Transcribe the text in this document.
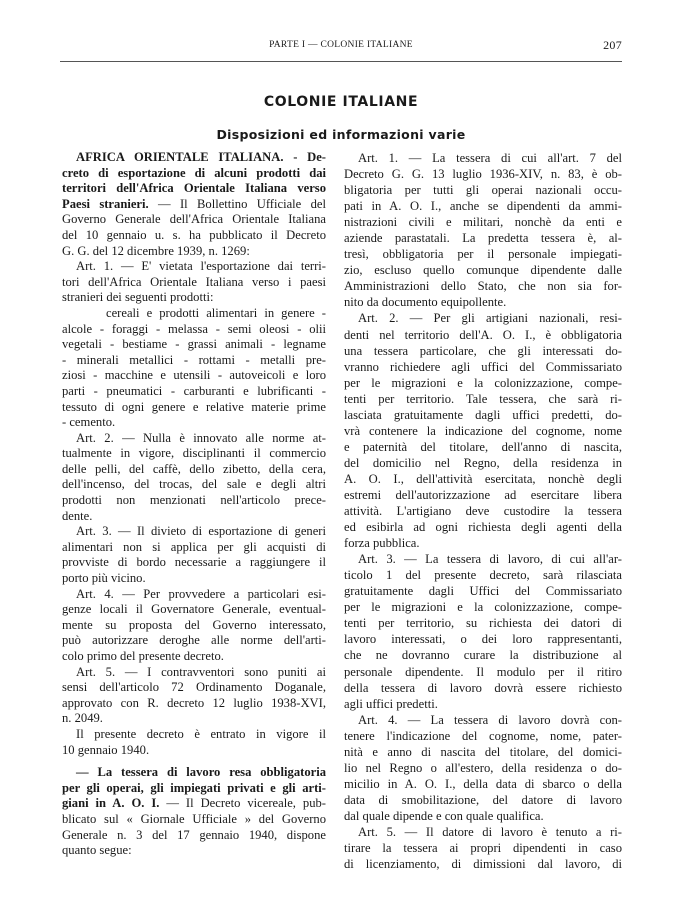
PARTE I — COLONIE ITALIANE	207
COLONIE ITALIANE
Disposizioni ed informazioni varie
AFRICA ORIENTALE ITALIANA. - De-
creto di esportazione di alcuni prodotti dai
territori dell'Africa Orientale Italiana verso
Paesi stranieri. — Il Bollettino Ufficiale del
Governo Generale dell'Africa Orientale Italiana
del 10 gennaio u. s. ha pubblicato il Decreto
G. G. del 12 dicembre 1939, n. 1269:
Art. 1. — E' vietata l'esportazione dai terri-
tori dell'Africa Orientale Italiana verso i paesi
stranieri dei seguenti prodotti:
cereali e prodotti alimentari in genere -
alcole - foraggi - melassa - semi oleosi - olii
vegetali - bestiame - grassi animali - legname
- minerali metallici - rottami - metalli pre-
ziosi - macchine e utensili - autoveicoli e loro
parti - pneumatici - carburanti e lubrificanti -
tessuto di ogni genere e relative materie prime
- cemento.
Art. 2. — Nulla è innovato alle norme at-
tualmente in vigore, disciplinanti il commercio
delle pelli, del caffè, dello zibetto, della cera,
dell'incenso, del trocas, del sale e degli altri
prodotti non menzionati nell'articolo prece-
dente.
Art. 3. — Il divieto di esportazione di generi
alimentari non si applica per gli acquisti di
provviste di bordo necessarie a raggiungere il
porto più vicino.
Art. 4. — Per provvedere a particolari esi-
genze locali il Governatore Generale, eventual-
mente su proposta del Governo interessato,
può autorizzare deroghe alle norme dell'arti-
colo primo del presente decreto.
Art. 5. — I contravventori sono puniti ai
sensi dell'articolo 72 Ordinamento Doganale,
approvato con R. decreto 12 luglio 1938-XVI,
n. 2049.
Il presente decreto è entrato in vigore il
10 gennaio 1940.
— La tessera di lavoro resa obbligatoria
per gli operai, gli impiegati privati e gli arti-
giani in A. O. I. — Il Decreto vicereale, pub-
blicato sul « Giornale Ufficiale » del Governo
Generale n. 3 del 17 gennaio 1940, dispone
quanto segue:
Art. 1. — La tessera di cui all'art. 7 del
Decreto G. G. 13 luglio 1936-XIV, n. 83, è ob-
bligatoria per tutti gli operai nazionali occu-
pati in A. O. I., anche se dipendenti da ammi-
nistrazioni civili e militari, nonchè da enti e
aziende parastatali. La predetta tessera è, al-
tresì, obbligatoria per il personale impiegati-
zio, escluso quello comunque dipendente dalle
Amministrazioni dello Stato, che non sia for-
nito da documento equipollente.
Art. 2. — Per gli artigiani nazionali, resi-
denti nel territorio dell'A. O. I., è obbligatoria
una tessera particolare, che gli interessati do-
vranno richiedere agli uffici del Commissariato
per le migrazioni e la colonizzazione, compe-
tenti per territorio. Tale tessera, che sarà ri-
lasciata gratuitamente dagli uffici predetti, do-
vrà contenere la indicazione del cognome, nome
e paternità del titolare, dell'anno di nascita,
del domicilio nel Regno, della residenza in
A. O. I., dell'attività esercitata, nonchè degli
estremi dell'autorizzazione ad esercitare libera
attività. L'artigiano deve custodire la tessera
ed esibirla ad ogni richiesta degli agenti della
forza pubblica.
Art. 3. — La tessera di lavoro, di cui all'ar-
ticolo 1 del presente decreto, sarà rilasciata
gratuitamente dagli Uffici del Commissariato
per le migrazioni e la colonizzazione, compe-
tenti per territorio, su richiesta dei datori di
lavoro interessati, o dei loro rappresentanti,
che ne dovranno curare la distribuzione al
personale dipendente. Il modulo per il ritiro
della tessera di lavoro dovrà essere richiesto
agli uffici predetti.
Art. 4. — La tessera di lavoro dovrà con-
tenere l'indicazione del cognome, nome, pater-
nità e anno di nascita del titolare, del domici-
lio nel Regno o all'estero, della residenza o do-
micilio in A. O. I., della data di sbarco o della
data di smobilitazione, del datore di lavoro
dal quale dipende e con quale qualifica.
Art. 5. — Il datore di lavoro è tenuto a ri-
tirare la tessera ai propri dipendenti in caso
di licenziamento, di dimissioni dal lavoro, di
